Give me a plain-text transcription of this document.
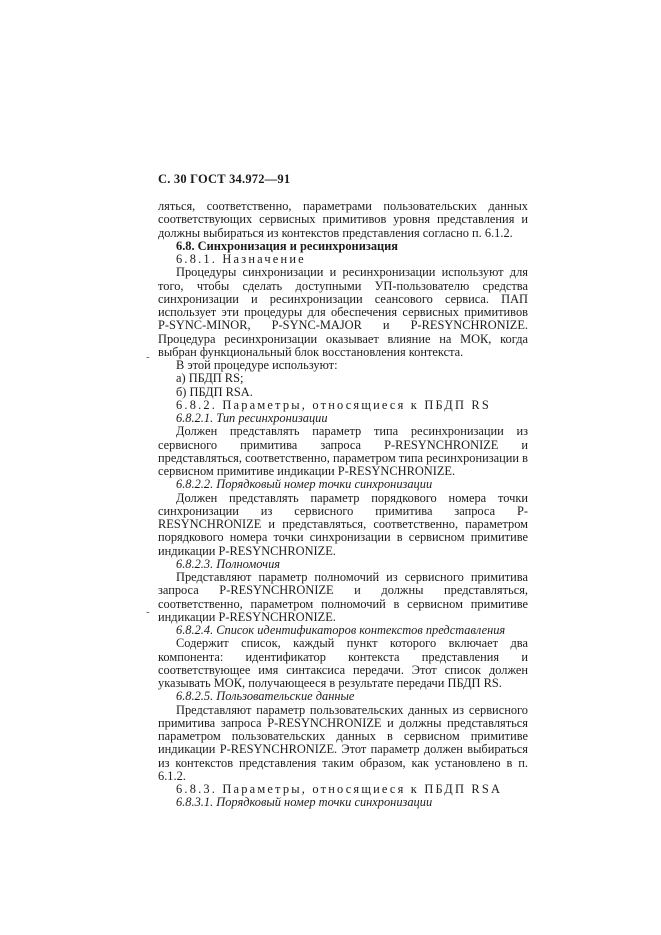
С. 30 ГОСТ 34.972—91
-
-

ляться, соответственно, параметрами пользовательских данных соответствующих сервисных примитивов уровня представления и должны выбираться из контекстов представления согласно п. 6.1.2.

6.8. Синхронизация и ресинхронизация

6.8.1. Назначение

Процедуры синхронизации и ресинхронизации используют для того, чтобы сделать доступными УП-пользователю средства синхронизации и ресинхронизации сеансового сервиса. ПАП использует эти процедуры для обеспечения сервисных примитивов P-SYNC-MINOR, P-SYNC-MAJOR и P-RESYNCHRONIZE. Процедура ресинхронизации оказывает влияние на МОК, когда выбран функциональный блок восстановления контекста.

В этой процедуре используют:

а) ПБДП RS;

б) ПБДП RSA.

6.8.2. Параметры, относящиеся к ПБДП RS

6.8.2.1. Тип ресинхронизации

Должен представлять параметр типа ресинхронизации из сервисного примитива запроса P-RESYNCHRONIZE и представляться, соответственно, параметром типа ресинхронизации в сервисном примитиве индикации P-RESYNCHRONIZE.

6.8.2.2. Порядковый номер точки синхронизации

Должен представлять параметр порядкового номера точки синхронизации из сервисного примитива запроса P-RESYNCHRONIZE и представляться, соответственно, параметром порядкового номера точки синхронизации в сервисном примитиве индикации P-RESYNCHRONIZE.

6.8.2.3. Полномочия

Представляют параметр полномочий из сервисного примитива запроса P-RESYNCHRONIZE и должны представляться, соответственно, параметром полномочий в сервисном примитиве индикации P-RESYNCHRONIZE.

6.8.2.4. Список идентификаторов контекстов представления

Содержит список, каждый пункт которого включает два компонента: идентификатор контекста представления и соответствующее имя синтаксиса передачи. Этот список должен указывать МОК, получающееся в результате передачи ПБДП RS.

6.8.2.5. Пользовательские данные

Представляют параметр пользовательских данных из сервисного примитива запроса P-RESYNCHRONIZE и должны представляться параметром пользовательских данных в сервисном примитиве индикации P-RESYNCHRONIZE. Этот параметр должен выбираться из контекстов представления таким образом, как установлено в п. 6.1.2.

6.8.3. Параметры, относящиеся к ПБДП RSA

6.8.3.1. Порядковый номер точки синхронизации
